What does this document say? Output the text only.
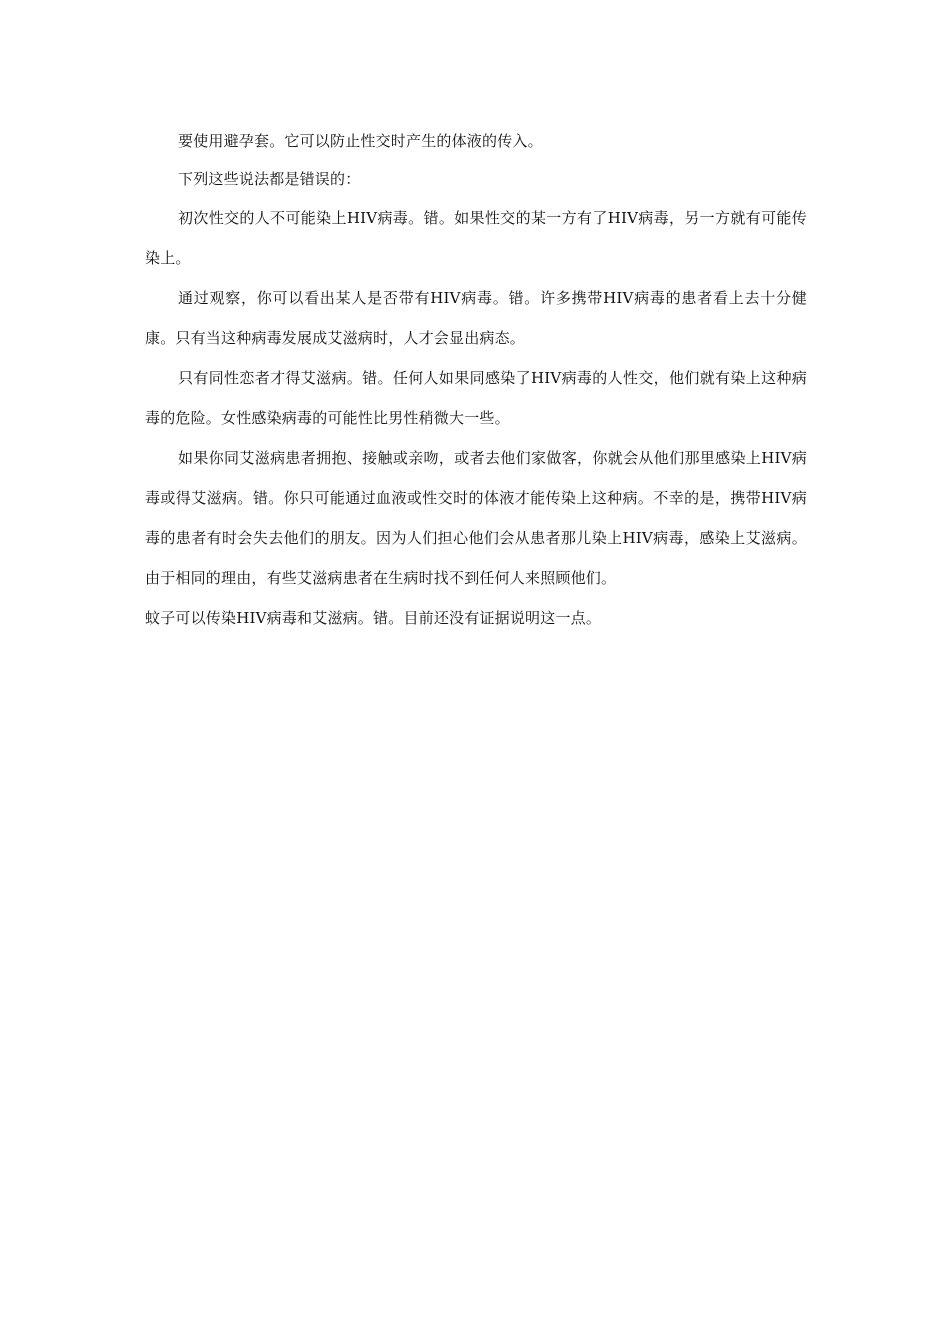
要使用避孕套。它可以防止性交时产生的体液的传入。

下列这些说法都是错误的：

初次性交的人不可能染上HIV病毒。错。如果性交的某一方有了HIV病毒，另一方就有可能传染上。

通过观察，你可以看出某人是否带有HIV病毒。错。许多携带HIV病毒的患者看上去十分健康。只有当这种病毒发展成艾滋病时，人才会显出病态。

只有同性恋者才得艾滋病。错。任何人如果同感染了HIV病毒的人性交，他们就有染上这种病毒的危险。女性感染病毒的可能性比男性稍微大一些。

如果你同艾滋病患者拥抱、接触或亲吻，或者去他们家做客，你就会从他们那里感染上HIV病毒或得艾滋病。错。你只可能通过血液或性交时的体液才能传染上这种病。不幸的是，携带HIV病毒的患者有时会失去他们的朋友。因为人们担心他们会从患者那儿染上HIV病毒，感染上艾滋病。由于相同的理由，有些艾滋病患者在生病时找不到任何人来照顾他们。

蚊子可以传染HIV病毒和艾滋病。错。目前还没有证据说明这一点。
